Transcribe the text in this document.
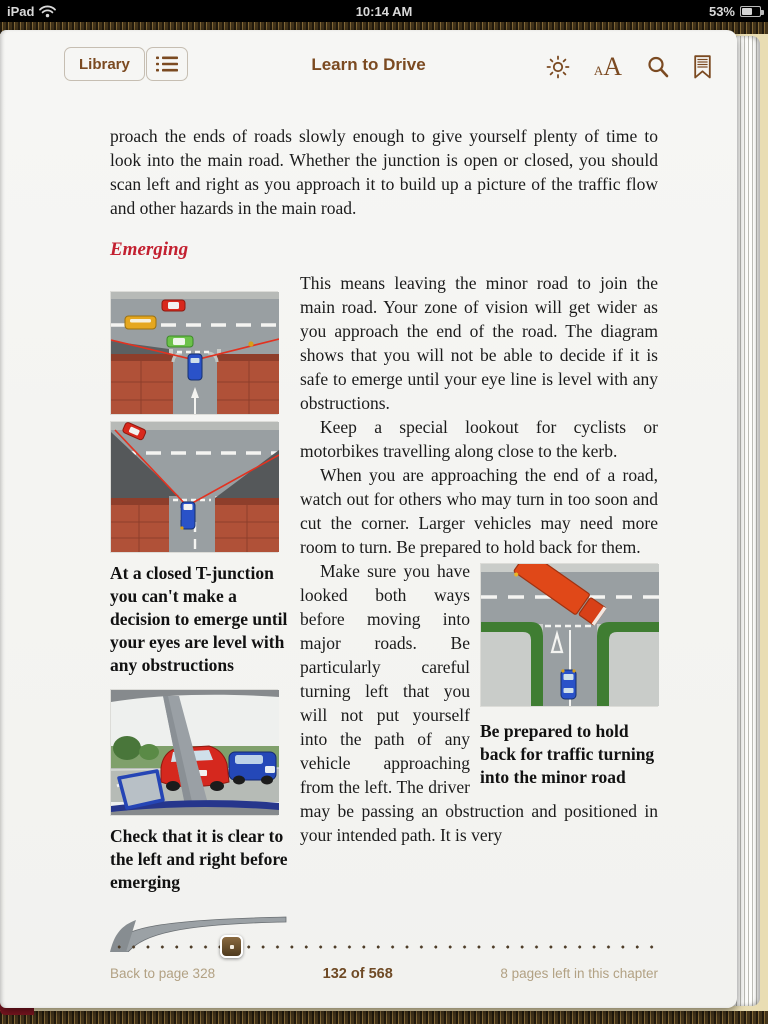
iPad	10:14 AM	53%
Library	Learn to Drive	A A

proach the ends of roads slowly enough to give yourself plenty of time to look into the main road. Whether the junction is open or closed, you should scan left and right as you approach it to build up a picture of the traffic flow and other hazards in the main road.

Emerging
At a closed T-junction you can't make a decision to emerge until your eyes are level with any obstructions
Check that it is clear to the left and right before emerging

This means leaving the minor road to join the main road. Your zone of vision will get wider as you approach the end of the road. The diagram shows that you will not be able to decide if it is safe to emerge until your eye line is level with any obstructions.

Keep a special lookout for cyclists or motorbikes travelling along close to the kerb.

When you are approaching the end of a road, watch out for others who may turn in too soon and cut the corner. Larger vehicles may need more room to turn. Be prepared to hold back for them.

Be prepared to hold back for traffic turning into the minor road

Make sure you have looked both ways before moving into major roads. Be particularly careful turning left that you will not put yourself into the path of any vehicle approaching from the left. The driver may be passing an obstruction and positioned in your intended path. It is very

Back to page 328	132 of 568	8 pages left in this chapter
